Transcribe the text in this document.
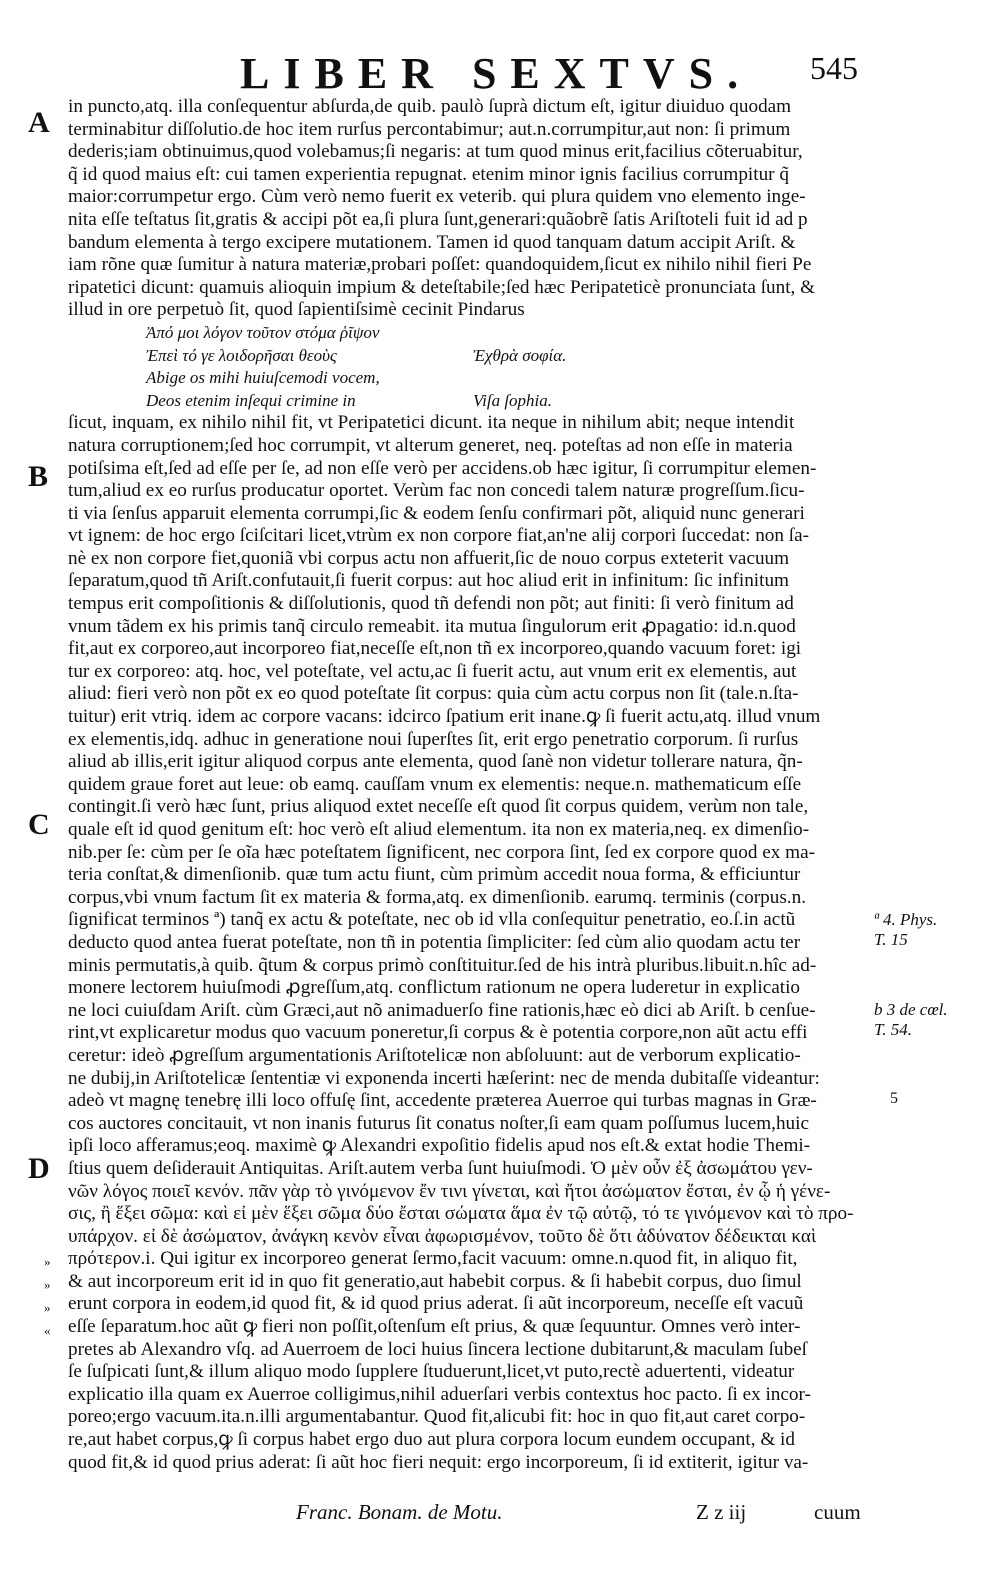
LIBER SEXTVS. 545
A
B
C
D
ª 4. Phys.
T. 15
b 3 de cœl.
T. 54.
5
»
»
»
«
in puncto,atq. illa conſequentur abſurda,de quib. paulò ſuprà dictum eſt, igitur diuiduo quodam
terminabitur diſſolutio.de hoc item rurſus percontabimur; aut.n.corrumpitur,aut non: ſi primum
dederis;iam obtinuimus,quod volebamus;ſi negaris: at tum quod minus erit,facilius cõteruabitur,
q̃ id quod maius eſt: cui tamen experientia repugnat. etenim minor ignis facilius corrumpitur q̃
maior:corrumpetur ergo. Cùm verò nemo fuerit ex veterib. qui plura quidem vno elemento inge-
nita eſſe teſtatus ſit,gratis & accipi põt ea,ſi plura ſunt,generari:quãobrẽ ſatis Ariſtoteli fuit id ad p
bandum elementa à tergo excipere mutationem. Tamen id quod tanquam datum accipit Ariſt. &
iam rõne quæ ſumitur à natura materiæ,probari poſſet: quandoquidem,ſicut ex nihilo nihil fieri Pe
ripatetici dicunt: quamuis alioquin impium & deteſtabile;ſed hæc Peripateticè pronunciata ſunt, &
illud in ore perpetuò ſit, quod ſapientiſsimè cecinit Pindarus
Ἀπό μοι λόγον τοῦτον στόμα ῥῖψον
Ἐπεὶ τό γε λοιδορῆσαι θεοὺς	Ἐχθρὰ σοφία.
Abige os mihi huiuſcemodi vocem,
Deos etenim inſequi crimine in	Viſa ſophia.
ſicut, inquam, ex nihilo nihil fit, vt Peripatetici dicunt. ita neque in nihilum abit; neque intendit
natura corruptionem;ſed hoc corrumpit, vt alterum generet, neq. poteſtas ad non eſſe in materia
potiſsima eſt,ſed ad eſſe per ſe, ad non eſſe verò per accidens.ob hæc igitur, ſi corrumpitur elemen-
tum,aliud ex eo rurſus producatur oportet. Verùm fac non concedi talem naturæ progreſſum.ſicu-
ti via ſenſus apparuit elementa corrumpi,ſic & eodem ſenſu confirmari põt, aliquid nunc generari
vt ignem: de hoc ergo ſciſcitari licet,vtrùm ex non corpore fiat,an'ne alij corpori ſuccedat: non ſa-
nè ex non corpore fiet,quoniã vbi corpus actu non affuerit,ſic de nouo corpus exteterit vacuum
ſeparatum,quod tñ Ariſt.confutauit,ſi fuerit corpus: aut hoc aliud erit in infinitum: ſic infinitum
tempus erit compoſitionis & diſſolutionis, quod tñ defendi non põt; aut finiti: ſi verò finitum ad
vnum tãdem ex his primis tanq̃ circulo remeabit. ita mutua ſingulorum erit ꝓpagatio: id.n.quod
fit,aut ex corporeo,aut incorporeo fiat,neceſſe eſt,non tñ ex incorporeo,quando vacuum foret: igi
tur ex corporeo: atq. hoc, vel poteſtate, vel actu,ac ſi fuerit actu, aut vnum erit ex elementis, aut
aliud: fieri verò non põt ex eo quod poteſtate ſit corpus: quia cùm actu corpus non ſit (tale.n.ſta-
tuitur) erit vtriq. idem ac corpore vacans: idcirco ſpatium erit inane.ꝙ ſi fuerit actu,atq. illud vnum
ex elementis,idq. adhuc in generatione noui ſuperſtes ſit, erit ergo penetratio corporum. ſi rurſus
aliud ab illis,erit igitur aliquod corpus ante elementa, quod ſanè non videtur tollerare natura, q̃n-
quidem graue foret aut leue: ob eamq. cauſſam vnum ex elementis: neque.n. mathematicum eſſe
contingit.ſi verò hæc ſunt, prius aliquod extet neceſſe eſt quod ſit corpus quidem, verùm non tale,
quale eſt id quod genitum eſt: hoc verò eſt aliud elementum. ita non ex materia,neq. ex dimenſio-
nib.per ſe: cùm per ſe oĩa hæc poteſtatem ſignificent, nec corpora ſint, ſed ex corpore quod ex ma-
teria conſtat,& dimenſionib. quæ tum actu fiunt, cùm primùm accedit noua forma, & efficiuntur
corpus,vbi vnum factum ſit ex materia & forma,atq. ex dimenſionib. earumq. terminis (corpus.n.
ſignificat terminos ª) tanq̃ ex actu & poteſtate, nec ob id vlla conſequitur penetratio, eo.ſ.in actũ
deducto quod antea fuerat poteſtate, non tñ in potentia ſimpliciter: ſed cùm alio quodam actu ter
minis permutatis,à quib. q̃tum & corpus primò conſtituitur.ſed de his intrà pluribus.libuit.n.hîc ad-
monere lectorem huiuſmodi ꝓgreſſum,atq. conflictum rationum ne opera luderetur in explicatio
ne loci cuiuſdam Ariſt. cùm Græci,aut nõ animaduerſo fine rationis,hæc eò dici ab Ariſt. b cenſue-
rint,vt explicaretur modus quo vacuum poneretur,ſi corpus & è potentia corpore,non aũt actu effi
ceretur: ideò ꝓgreſſum argumentationis Ariſtotelicæ non abſoluunt: aut de verborum explicatio-
ne dubij,in Ariſtotelicæ ſententiæ vi exponenda incerti hæſerint: nec de menda dubitaſſe videantur:
adeò vt magnę tenebrę illi loco offuſę ſint, accedente præterea Auerroe qui turbas magnas in Græ-
cos auctores concitauit, vt non inanis futurus ſit conatus noſter,ſi eam quam poſſumus lucem,huic
ipſi loco afferamus;eoq. maximè ꝙ Alexandri expoſitio fidelis apud nos eſt.& extat hodie Themi-
ſtius quem deſiderauit Antiquitas. Ariſt.autem verba ſunt huiuſmodi. Ὁ μὲν οὖν ἐξ ἀσωμάτου γεν-
νῶν λόγος ποιεῖ κενόν. πᾶν γὰρ τὸ γινόμενον ἔν τινι γίνεται, καὶ ἤτοι ἀσώματον ἔσται, ἐν ᾧ ἡ γένε-
σις, ἢ ἕξει σῶμα: καὶ εἰ μὲν ἕξει σῶμα δύο ἔσται σώματα ἅμα ἐν τῷ αὐτῷ, τό τε γινόμενον καὶ τὸ προ-
υπάρχον. εἰ δὲ ἀσώματον, ἀνάγκη κενὸν εἶναι ἀφωρισμένον, τοῦτο δὲ ὅτι ἀδύνατον δέδεικται καὶ
πρότερον.i. Qui igitur ex incorporeo generat ſermo,facit vacuum: omne.n.quod fit, in aliquo fit,
& aut incorporeum erit id in quo fit generatio,aut habebit corpus. & ſi habebit corpus, duo ſimul
erunt corpora in eodem,id quod fit, & id quod prius aderat. ſi aũt incorporeum, neceſſe eſt vacuũ
eſſe ſeparatum.hoc aũt ꝙ fieri non poſſit,oſtenſum eſt prius, & quæ ſequuntur. Omnes verò inter-
pretes ab Alexandro vſq. ad Auerroem de loci huius ſincera lectione dubitarunt,& maculam ſubeſ
ſe ſuſpicati ſunt,& illum aliquo modo ſupplere ſtuduerunt,licet,vt puto,rectè aduertenti, videatur
explicatio illa quam ex Auerroe colligimus,nihil aduerſari verbis contextus hoc pacto. ſi ex incor-
poreo;ergo vacuum.ita.n.illi argumentabantur. Quod fit,alicubi fit: hoc in quo fit,aut caret corpo-
re,aut habet corpus,ꝙ ſi corpus habet ergo duo aut plura corpora locum eundem occupant, & id
quod fit,& id quod prius aderat: ſi aũt hoc fieri nequit: ergo incorporeum, ſi id extiterit, igitur va-
Franc. Bonam. de Motu.	Z z iij	cuum
